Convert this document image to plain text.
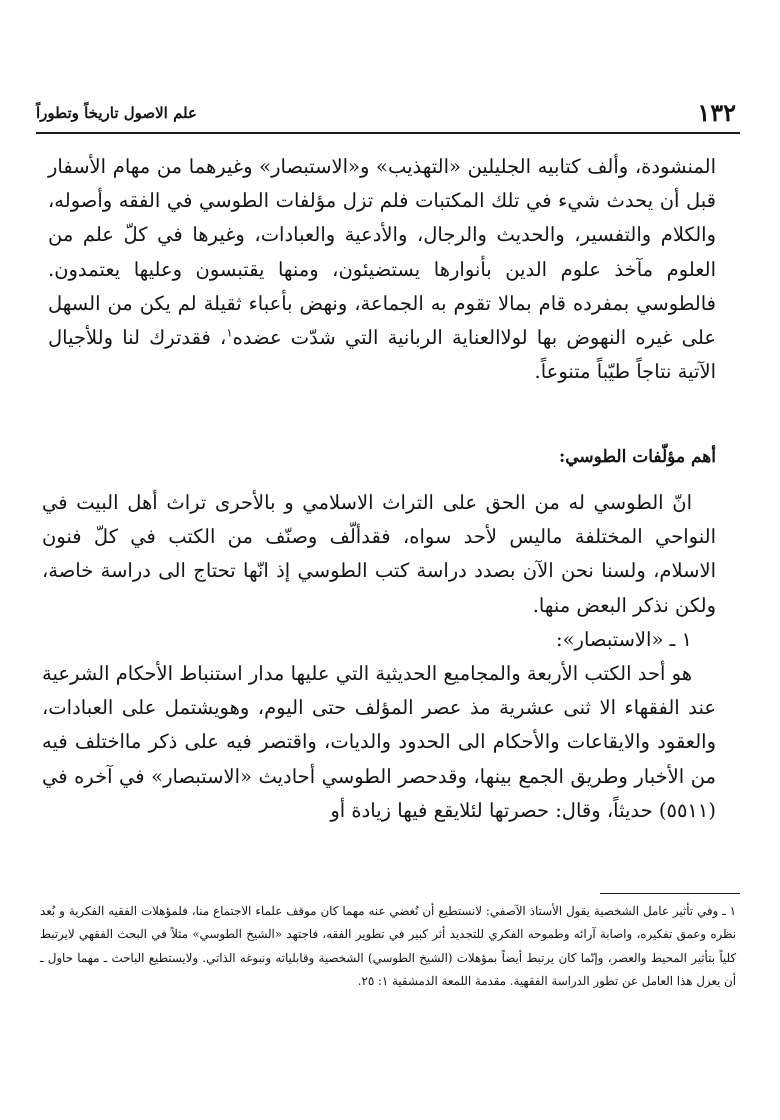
١٣٢
علم الاصول تاريخاً وتطوراً

المنشودة، وألف كتابيه الجليلين «التهذيب» و«الاستبصار» وغيرهما من مهام الأسفار قبل أن يحدث شيء في تلك المكتبات فلم تزل مؤلفات الطوسي في الفقه وأصوله، والكلام والتفسير، والحديث والرجال، والأدعية والعبادات، وغيرها في كلّ علم من العلوم مآخذ علوم الدين بأنوارها يستضيئون، ومنها يقتبسون وعليها يعتمدون. فالطوسي بمفرده قام بمالا تقوم به الجماعة، ونهض بأعباء ثقيلة لم يكن من السهل على غيره النهوض بها لولاالعناية الربانية التي شدّت عضده$^١$، فقدترك لنا وللأجيال الآتية نتاجاً طيّباً متنوعاً.

أهم مؤلّفات الطوسي:

انّ الطوسي له من الحق على التراث الاسلامي و بالأحرى تراث أهل البيت في النواحي المختلفة ماليس لأحد سواه، فقدألّف وصنّف من الكتب في كلّ فنون الاسلام، ولسنا نحن الآن بصدد دراسة كتب الطوسي إذ انّها تحتاج الى دراسة خاصة، ولكن نذكر البعض منها.

١ ـ «الاستبصار»:

هو أحد الكتب الأربعة والمجاميع الحديثية التي عليها مدار استنباط الأحكام الشرعية عند الفقهاء الا ثنى عشرية مذ عصر المؤلف حتى اليوم، وهويشتمل على العبادات، والعقود والايقاعات والأحكام الى الحدود والديات، واقتصر فيه على ذكر مااختلف فيه من الأخبار وطريق الجمع بينها، وقدحصر الطوسي أحاديث «الاستبصار» في آخره في (٥٥١١) حديثاً، وقال: حصرتها لئلايقع فيها زيادة أو

١ ـ وفي تأثير عامل الشخصية يقول الأستاذ الآصفي: لانستطيع أن نُغضي عنه مهما كان موقف علماء الاجتماع منا، فلمؤهلات الفقيه الفكرية و بُعد نظره وعمق تفكيره، واصابة آرائه وطموحه الفكري للتجديد أثر كبير في تطوير الفقه، فاجتهد «الشيخ الطوسي» مثلاً في البحث الفقهي لايرتبط كلياً بتأثير المحيط والعصر، وإنّما كان يرتبط أيضاً بمؤهلات (الشيخ الطوسي) الشخصية وقابلياته ونبوغه الذاتي. ولايستطيع الباحث ـ مهما حاول ـ أن يعزل هذا العامل عن تطور الدراسة الفقهية. مقدمة اللمعة الدمشقية ١: ٢٥.
